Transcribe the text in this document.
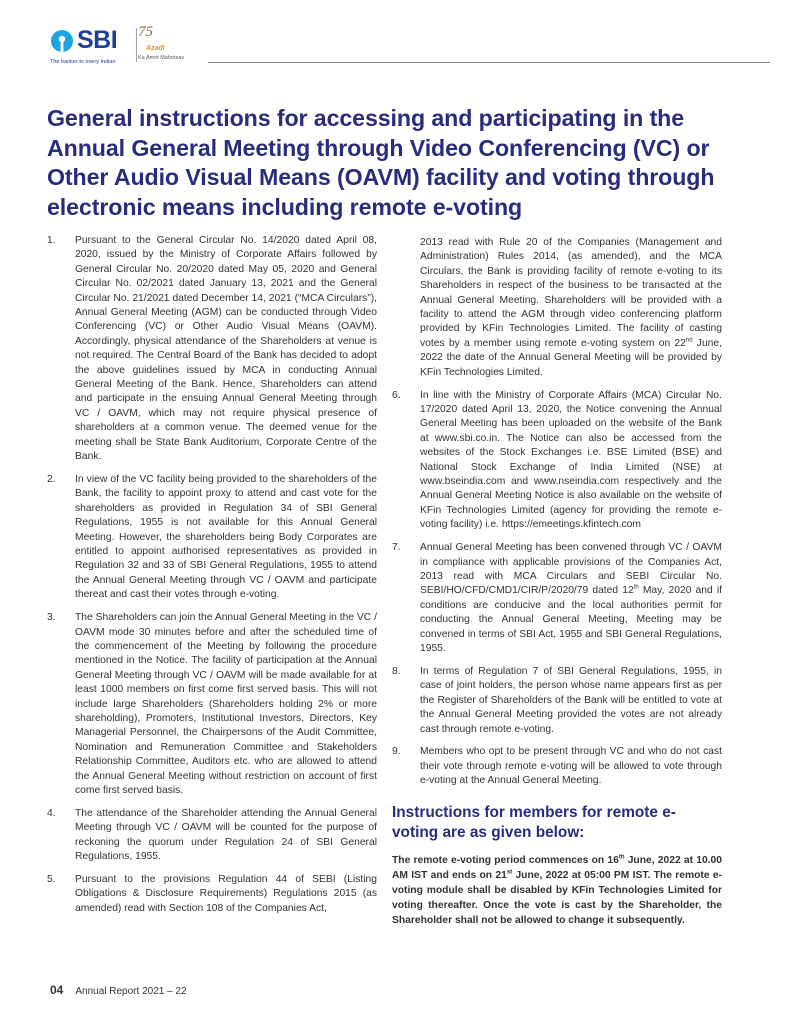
SBI
The banker to every Indian
75
Azadi
Ka Amrit Mahotsav
General instructions for accessing and participating in the Annual General Meeting through Video Conferencing (VC) or Other Audio Visual Means (OAVM) facility and voting through electronic means including remote e-voting
1. Pursuant to the General Circular No. 14/2020 dated April 08, 2020, issued by the Ministry of Corporate Affairs followed by General Circular No. 20/2020 dated May 05, 2020 and General Circular No. 02/2021 dated January 13, 2021 and the General Circular No. 21/2021 dated December 14, 2021 (“MCA Circulars”), Annual General Meeting (AGM) can be conducted through Video Conferencing (VC) or Other Audio Visual Means (OAVM). Accordingly, physical attendance of the Shareholders at venue is not required. The Central Board of the Bank has decided to adopt the above guidelines issued by MCA in conducting Annual General Meeting of the Bank. Hence, Shareholders can attend and participate in the ensuing Annual General Meeting through VC / OAVM, which may not require physical presence of shareholders at a common venue. The deemed venue for the meeting shall be State Bank Auditorium, Corporate Centre of the Bank.
2. In view of the VC facility being provided to the shareholders of the Bank, the facility to appoint proxy to attend and cast vote for the shareholders as provided in Regulation 34 of SBI General Regulations, 1955 is not available for this Annual General Meeting. However, the shareholders being Body Corporates are entitled to appoint authorised representatives as provided in Regulation 32 and 33 of SBI General Regulations, 1955 to attend the Annual General Meeting through VC / OAVM and participate thereat and cast their votes through e-voting.
3. The Shareholders can join the Annual General Meeting in the VC / OAVM mode 30 minutes before and after the scheduled time of the commencement of the Meeting by following the procedure mentioned in the Notice. The facility of participation at the Annual General Meeting through VC / OAVM will be made available for at least 1000 members on first come first served basis. This will not include large Shareholders (Shareholders holding 2% or more shareholding), Promoters, Institutional Investors, Directors, Key Managerial Personnel, the Chairpersons of the Audit Committee, Nomination and Remuneration Committee and Stakeholders Relationship Committee, Auditors etc. who are allowed to attend the Annual General Meeting without restriction on account of first come first served basis.
4. The attendance of the Shareholder attending the Annual General Meeting through VC / OAVM will be counted for the purpose of reckoning the quorum under Regulation 24 of SBI General Regulations, 1955.
5. Pursuant to the provisions Regulation 44 of SEBI (Listing Obligations & Disclosure Requirements) Regulations 2015 (as amended) read with Section 108 of the Companies Act,
2013 read with Rule 20 of the Companies (Management and Administration) Rules 2014, (as amended), and the MCA Circulars, the Bank is providing facility of remote e-voting to its Shareholders in respect of the business to be transacted at the Annual General Meeting. Shareholders will be provided with a facility to attend the AGM through video conferencing platform provided by KFin Technologies Limited. The facility of casting votes by a member using remote e-voting system on 22nd June, 2022 the date of the Annual General Meeting will be provided by KFin Technologies Limited.
6. In line with the Ministry of Corporate Affairs (MCA) Circular No. 17/2020 dated April 13, 2020, the Notice convening the Annual General Meeting has been uploaded on the website of the Bank at www.sbi.co.in. The Notice can also be accessed from the websites of the Stock Exchanges i.e. BSE Limited (BSE) and National Stock Exchange of India Limited (NSE) at www.bseindia.com and www.nseindia.com respectively and the Annual General Meeting Notice is also available on the website of KFin Technologies Limited (agency for providing the remote e-voting facility) i.e. https://emeetings.kfintech.com
7. Annual General Meeting has been convened through VC / OAVM in compliance with applicable provisions of the Companies Act, 2013 read with MCA Circulars and SEBI Circular No. SEBI/HO/CFD/CMD1/CIR/P/2020/79 dated 12th May, 2020 and if conditions are conducive and the local authorities permit for conducting the Annual General Meeting, Meeting may be convened in terms of SBI Act, 1955 and SBI General Regulations, 1955.
8. In terms of Regulation 7 of SBI General Regulations, 1955, in case of joint holders, the person whose name appears first as per the Register of Shareholders of the Bank will be entitled to vote at the Annual General Meeting provided the votes are not already cast through remote e-voting.
9. Members who opt to be present through VC and who do not cast their vote through remote e-voting will be allowed to vote through e-voting at the Annual General Meeting.
Instructions for members for remote e-voting are as given below:

The remote e-voting period commences on 16th June, 2022 at 10.00 AM IST and ends on 21st June, 2022 at 05:00 PM IST. The remote e-voting module shall be disabled by KFin Technologies Limited for voting thereafter. Once the vote is cast by the Shareholder, the Shareholder shall not be allowed to change it subsequently.

04 Annual Report 2021 – 22
